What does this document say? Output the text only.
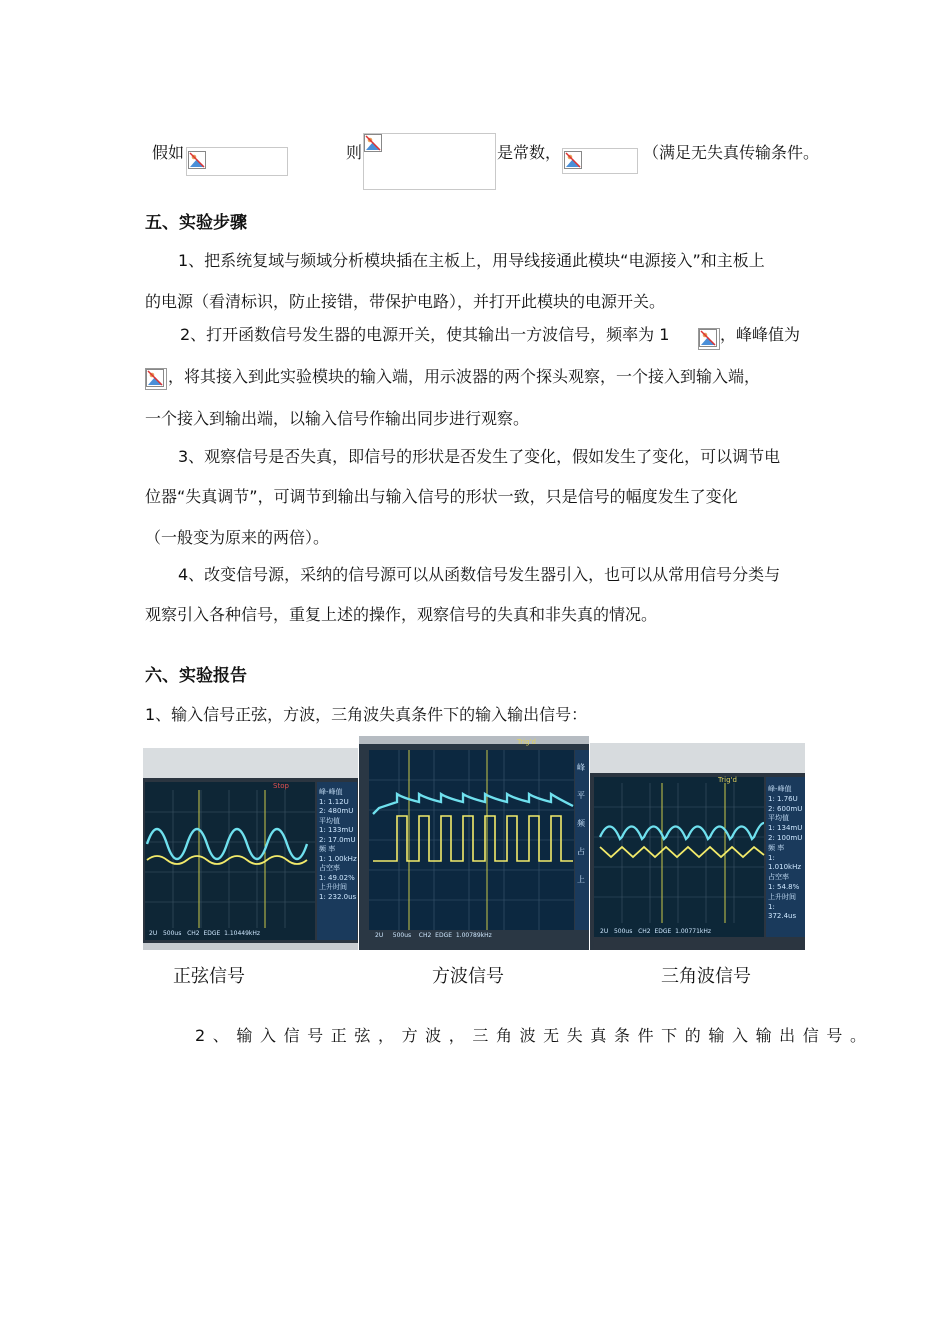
假如	则	是常数，	（满足无失真传输条件。
五、实验步骤
1、把系统复域与频域分析模块插在主板上，用导线接通此模块“电源接入”和主板上
的电源（看清标识，防止接错，带保护电路），并打开此模块的电源开关。
2、打开函数信号发生器的电源开关，使其输出一方波信号，频率为 1	，峰峰值为
，将其接入到此实验模块的输入端，用示波器的两个探头观察，一个接入到输入端，
一个接入到输出端，以输入信号作输出同步进行观察。
3、观察信号是否失真，即信号的形状是否发生了变化，假如发生了变化，可以调节电
位器“失真调节”，可调节到输出与输入信号的形状一致，只是信号的幅度发生了变化
（一般变为原来的两倍）。
4、改变信号源，采纳的信号源可以从函数信号发生器引入，也可以从常用信号分类与
观察引入各种信号，重复上述的操作，观察信号的失真和非失真的情况。
六、实验报告
1、输入信号正弦，方波，三角波失真条件下的输入输出信号：
Stop
峰-峰值
1: 1.12U
2: 480mU
平均值
1: 133mU
2: 17.0mU
频 率
1: 1.00kHz
占空率
1: 49.02%
上升时间
1: 232.0us
2U 500us CH2 EDGE 1.10449kHz
Trig'd
峰
平
频
占
上
2U 500us CH2 EDGE 1.00789kHz
Trig'd
峰-峰值
1: 1.76U
2: 600mU
平均值
1: 134mU
2: 100mU
频 率
1: 1.010kHz
占空率
1: 54.8%
上升时间
1: 372.4us
2U 500us CH2 EDGE 1.00771kHz
正弦信号	方波信号	三角波信号
2、输入信号正弦，方波，三角波无失真条件下的输入输出信号。
